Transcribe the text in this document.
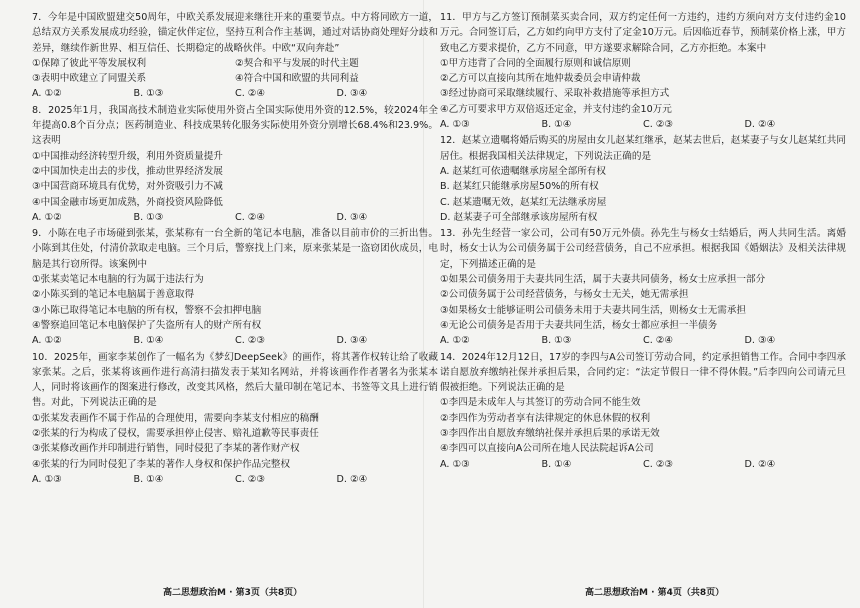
7．今年是中国欧盟建交50周年，中欧关系发展迎来继往开来的重要节点。中方将同欧方一道，总结双方关系发展成功经验，锚定伙伴定位，坚持互利合作主基调，通过对话协商处理好分歧和差异，继续作新世界、相互信任、长期稳定的战略伙伴。中欧“双向奔赴”

①保障了彼此平等发展权利	②契合和平与发展的时代主题
③表明中欧建立了同盟关系	④符合中国和欧盟的共同利益
A. ①②	B. ①③	C. ②④	D. ③④

8．2025年1月，我国高技术制造业实际使用外资占全国实际使用外资的12.5%，较2024年全年提高0.8个百分点；医药制造业、科技成果转化服务实际使用外资分别增长68.4%和23.9%。这表明

①中国推动经济转型升级，利用外资质量提升

②中国加快走出去的步伐，推动世界经济发展

③中国营商环境具有优势，对外资吸引力不减

④中国金融市场更加成熟，外商投资风险降低

A. ①②	B. ①③	C. ②④	D. ③④

9．小陈在电子市场碰到张某，张某称有一台全新的笔记本电脑，准备以目前市价的三折出售。小陈到其住处，付清价款取走电脑。三个月后，警察找上门来，原来张某是一盗窃团伙成员，电脑是其行窃所得。该案例中

①张某卖笔记本电脑的行为属于违法行为

②小陈买到的笔记本电脑属于善意取得

③小陈已取得笔记本电脑的所有权，警察不会扣押电脑

④警察追回笔记本电脑保护了失盗所有人的财产所有权

A. ①②	B. ①④	C. ②③	D. ③④

10．2025年，画家李某创作了一幅名为《梦幻DeepSeek》的画作，将其著作权转让给了收藏家张某。之后，张某将该画作进行高清扫描发表于某知名网站，并将该画作作者署名为张某本人，同时将该画作的图案进行修改，改变其风格，然后大量印制在笔记本、书签等文具上进行销售。对此，下列说法正确的是

①张某发表画作不属于作品的合理使用，需要向李某支付相应的稿酬

②张某的行为构成了侵权，需要承担停止侵害、赔礼道歉等民事责任

③张某修改画作并印制进行销售，同时侵犯了李某的著作财产权

④张某的行为同时侵犯了李某的著作人身权和保护作品完整权

A. ①③	B. ①④	C. ②③	D. ②④

11．甲方与乙方签订预制菜买卖合同，双方约定任何一方违约，违约方须向对方支付违约金10万元。合同签订后，乙方如约向甲方支付了定金10万元。后因临近春节，预制菜价格上涨，甲方致电乙方要求提价，乙方不同意，甲方遂要求解除合同，乙方亦拒绝。本案中

①甲方违背了合同的全面履行原则和诚信原则

②乙方可以直接向其所在地仲裁委员会申请仲裁

③经过协商可采取继续履行、采取补救措施等承担方式

④乙方可要求甲方双倍返还定金，并支付违约金10万元

A. ①③	B. ①④	C. ②③	D. ②④

12．赵某立遗嘱将婚后购买的房屋由女儿赵某红继承，赵某去世后，赵某妻子与女儿赵某红共同居住。根据我国相关法律规定，下列说法正确的是

A. 赵某红可依遗嘱继承房屋全部所有权

B. 赵某红只能继承房屋50%的所有权

C. 赵某遗嘱无效，赵某红无法继承房屋

D. 赵某妻子可全部继承该房屋所有权

13．孙先生经营一家公司，公司有50万元外债。孙先生与杨女士结婚后，两人共同生活。离婚时，杨女士认为公司债务属于公司经营债务，自己不应承担。根据我国《婚姻法》及相关法律规定，下列描述正确的是

①如果公司债务用于夫妻共同生活，属于夫妻共同债务，杨女士应承担一部分

②公司债务属于公司经营债务，与杨女士无关，她无需承担

③如果杨女士能够证明公司债务未用于夫妻共同生活，则杨女士无需承担

④无论公司债务是否用于夫妻共同生活，杨女士都应承担一半债务

A. ①②	B. ①③	C. ②④	D. ③④

14．2024年12月12日，17岁的李四与A公司签订劳动合同，约定承担销售工作。合同中李四承诺自愿放弃缴纳社保并承担后果，合同约定：“法定节假日一律不得休假。”后李四向公司请元旦假被拒绝。下列说法正确的是

①李四是未成年人与其签订的劳动合同不能生效

②李四作为劳动者享有法律规定的休息休假的权利

③李四作出自愿放弃缴纳社保并承担后果的承诺无效

④李四可以直接向A公司所在地人民法院起诉A公司

A. ①③	B. ①④	C. ②③	D. ②④
高二思想政治M · 第3页（共8页）	高二思想政治M · 第4页（共8页）
